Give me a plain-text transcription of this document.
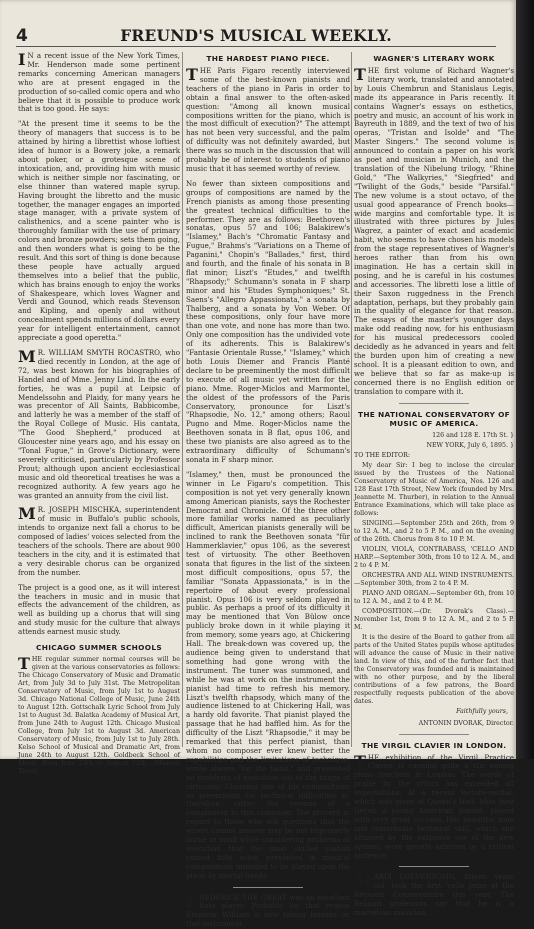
4	FREUND'S MUSICAL WEEKLY.

I N a recent issue of the New York Times, Mr. Henderson made some pertinent remarks concerning American managers who are at present engaged in the production of so-called comic opera and who believe that it is possible to produce work that is too good. He says:

"At the present time it seems to be the theory of managers that success is to be attained by hiring a librettist whose loftiest idea of humor is a Bowery joke, a remark about poker, or a grotesque scene of intoxication, and, providing him with music which is neither simple nor fascinating, or else thinner than watered maple syrup. Having brought the libretto and the music together, the manager engages an imported stage manager, with a private system of calisthenics, and a scene painter who is thoroughly familiar with the use of primary colors and bronze powders; sets them going, and then wonders what is going to be the result. And this sort of thing is done because these people have actually argued themselves into a belief that the public, which has brains enough to enjoy the works of Shakespeare, which loves Wagner and Verdi and Gounod, which reads Stevenson and Kipling, and openly and without concealment spends millions of dollars every year for intelligent entertainment, cannot appreciate a good operetta."

M R. WILLIAM SMYTH ROCASTRO, who died recently in London, at the age of 72, was best known for his biographies of Handel and of Mme. Jenny Lind. In the early forties, he was a pupil at Leipsic of Mendelssohn and Plaidy, for many years he was precentor of All Saints, Babbicombe, and latterly he was a member of the staff of the Royal College of Music. His cantata, "The Good Shepherd," produced at Gloucester nine years ago, and his essay on "Tonal Fugue," in Grove's Dictionary, were severely criticised, particularly by Professor Prout; although upon ancient ecclesiastical music and old theoretical treatises he was a recognized authority. A few years ago he was granted an annuity from the civil list.

M R. JOSEPH MISCHKA, superintendent of music in Buffalo's public schools, intends to organize next fall a chorus to be composed of ladies' voices selected from the teachers of the schools. There are about 900 teachers in the city, and it is estimated that a very desirable chorus can be organized from the number.

The project is a good one, as it will interest the teachers in music and in music that effects the advancement of the children, as well as building up a chorus that will sing and study music for the culture that always attends earnest music study.

CHICAGO SUMMER SCHOOLS

THE regular summer normal courses will be given at the various conservatories as follows: The Chicago Conservatory of Music and Dramatic Art, from July 3d to July 31st. The Metropolitan Conservatory of Music, from July 1st to August 3d. Chicago National College of Music, June 24th to August 12th. Gottschalk Lyric School from July 1st to August 3d. Balatka Academy of Musical Art, from June 24th to August 12th. Chicago Musical College, from July 1st to August 3d. American Conservatory of Music, from July 1st to July 28th. Kelso School of Musical and Dramatic Art, from June 24th to August 12th. Goldbeck School of Music, from June 24th to August 12th.—Musical Times.

THE HARDEST PIANO PIECE.

THE Paris Figaro recently interviewed some of the best-known pianists and teachers of the piano in Paris in order to obtain a final answer to the often-asked question: "Among all known musical compositions written for the piano, which is the most difficult of execution?" The attempt has not been very successful, and the palm of difficulty was not definitely awarded, but there was so much in the discussion that will probably be of interest to students of piano music that it has seemed worthy of review.

No fewer than sixteen compositions and groups of compositions are named by the French pianists as among those presenting the greatest technical difficulties to the performer. They are as follows: Beethoven's sonatas, opus 57 and 106; Balakirew's "Islamey," Bach's "Chromatic Fantasy and Fugue," Brahms's "Variations on a Theme of Paganini," Chopin's "Ballades," first, third and fourth, and the finale of his sonata in B flat minor; Liszt's "Etudes," and twelfth "Rhapsody;" Schumann's sonata in F sharp minor and his "Etudes Symphoniques;" St. Saens's "Allegro Appassionata," a sonata by Thalberg, and a sonata by Von Weber. Of these compositions, only four have more than one vote, and none has more than two. Only one composition has the undivided vote of its adherents. This is Balakirew's "Fantasie Orientale Russe," "Islamey," which both Louis Diemer and Francis Planté declare to be preeminently the most difficult to execute of all music yet written for the piano. Mme. Roger-Miclos and Marmontel, the oldest of the professors of the Paris Conservatory, pronounce for Liszt's "Rhapsodie, No. 12," among others; Raoul Pugno and Mme. Roger-Miclos name the Beethoven sonata in B flat, opus 106, and these two pianists are also agreed as to the extraordinary difficulty of Schumann's sonata in F sharp minor.

"Islamey," then, must be pronounced the winner in Le Figaro's competition. This composition is not yet very generally known among American pianists, says the Rochester Democrat and Chronicle. Of the three other more familiar works named as peculiarly difficult, American pianists generally will be inclined to rank the Beethoven sonata "für Hammerklavier," opus 106, as the severest test of virtuosity. The other Beethoven sonata that figures in the list of the sixteen most difficult compositions, opus 57, the familiar "Sonata Appassionata," is in the repertoire of about every professional pianist. Opus 106 is very seldom played in public. As perhaps a proof of its difficulty it may be mentioned that Von Bülow once publicly broke down in it while playing it from memory, some years ago, at Chickering Hall. The break-down was covered up, the audience being given to understand that something had gone wrong with the instrument. The tuner was summoned, and while he was at work on the instrument the pianist had time to refresh his memory. Liszt's twelfth rhapsody, which many of the audience listened to at Chickering Hall, was a hardy old favorite. That pianist played the passage that he had baffled him. As for the difficulty of the Liszt "Rhapsodie," it may be remarked that this perfect pianist, than whom no composer ever knew better the capabilities and the limitations of technique, wrote always "for the hand," and presented no problems of execution out of the range of virtuosity. Claiming one of his compositions as preeminent for technical difficulties is, therefore, rather the reverse of a compliment to this composer. The proverb in regard to those who ask questions that the wisest cannot answer may be not improperly borne in mind while considering problems of execution that the most skilled pianist cannot fully solve, presented in musical compositions intended to be played upon the piano by mortal hands.

FREDERICK THE GREAT was an excellent flute player. Probably for that reason Emperor William is now taking lessons on that instrument.

WAGNER'S LITERARY WORK

THE first volume of Richard Wagner's literary work, translated and annotated by Louis Chembrun and Stanislaus Legis, made its appearance in Paris recently. It contains Wagner's essays on esthetics, poetry and music, an account of his work in Bayreuth in 1889, and the text of two of his operas, "Tristan and Isolde" and "The Master Singers." The second volume is announced to contain a paper on his work as poet and musician in Munich, and the translation of the Nibelung trilogy, "Rhine Gold," "The Walkyries," "Siegfried" and "Twilight of the Gods," beside "Parsifal." The new volume is a stout octavo, of the usual good appearance of French books—wide margins and comfortable type. It is illustrated with three pictures by Jules Wagrez, a painter of exact and academic habit, who seems to have chosen his models from the stage representatives of Wagner's heroes rather than from his own imagination. He has a certain skill in posing, and he is careful in his costumes and accessories. The libretti lose a little of their Saxon ruggedness in the French adaptation, perhaps, but they probably gain in the quality of elegance for that reason. The essays of the master's younger days make odd reading now, for his enthusiasm for his musical predecessors cooled decidedly as he advanced in years and felt the burden upon him of creating a new school. It is a pleasant edition to own, and we believe that so far as make-up is concerned there is no English edition or translation to compare with it.

THE NATIONAL CONSERVATORY OF MUSIC OF AMERICA.

126 and 128 E. 17th St. }

NEW YORK, July 6, 1895. }

TO THE EDITOR:

My dear Sir: I beg to inclose the circular issued by the Trustees of the National Conservatory of Music of America, Nos. 126 and 128 East 17th Street, New York (founded by Mrs. Jeannette M. Thurber), in relation to the Annual Entrance Examinations, which will take place as follows:

SINGING.—September 25th and 26th, from 9 to 12 A. M., and 2 to 5 P. M., and on the evening of the 26th. Chorus from 8 to 10 P. M.

VIOLIN, VIOLA, CONTRABASS, 'CELLO AND HARP.—September 30th, from 10 to 12 A. M., and 2 to 4 P. M.

ORCHESTRA AND ALL WIND INSTRUMENTS.—September 30th, from 2 to 4 P. M.

PIANO AND ORGAN.—September 6th, from 10 to 12 A. M., and 2 to 4 P. M.

COMPOSITION.—(Dr. Dvorak's Class).—November 1st, from 9 to 12 A. M., and 2 to 5 P. M.

It is the desire of the Board to gather from all parts of the United States pupils whose aptitudes will advance the cause of Music in their native land. In view of this, and of the further fact that the Conservatory was founded and is maintained with no other purpose, and by the liberal contributions of a few patrons, the Board respectfully requests publication of the above dates.

Faithfully yours,

ANTONIN DVORAK, Director.

THE VIRGIL CLAVIER IN LONDON.

THE exhibition of the Virgil Practice Clavier is causing quite a stir among piano teachers in London. The words of praise by the critics has exceeded all expectations. At a recent lecture-recital, which was given at Queen's Hall, Miss Inez Geyer, a young American pianist, played with very great success. Her beautiful tone and remarkable technical skill, which she attained by the exclusive use of the new system, were greatly admired by a critical audience.

MARIX LOEVENSOHN, fifteen years old, took the first 'cello prize at the Brussels Conservatoire this year. The Belgian professors say that he is a marvelous musician.
